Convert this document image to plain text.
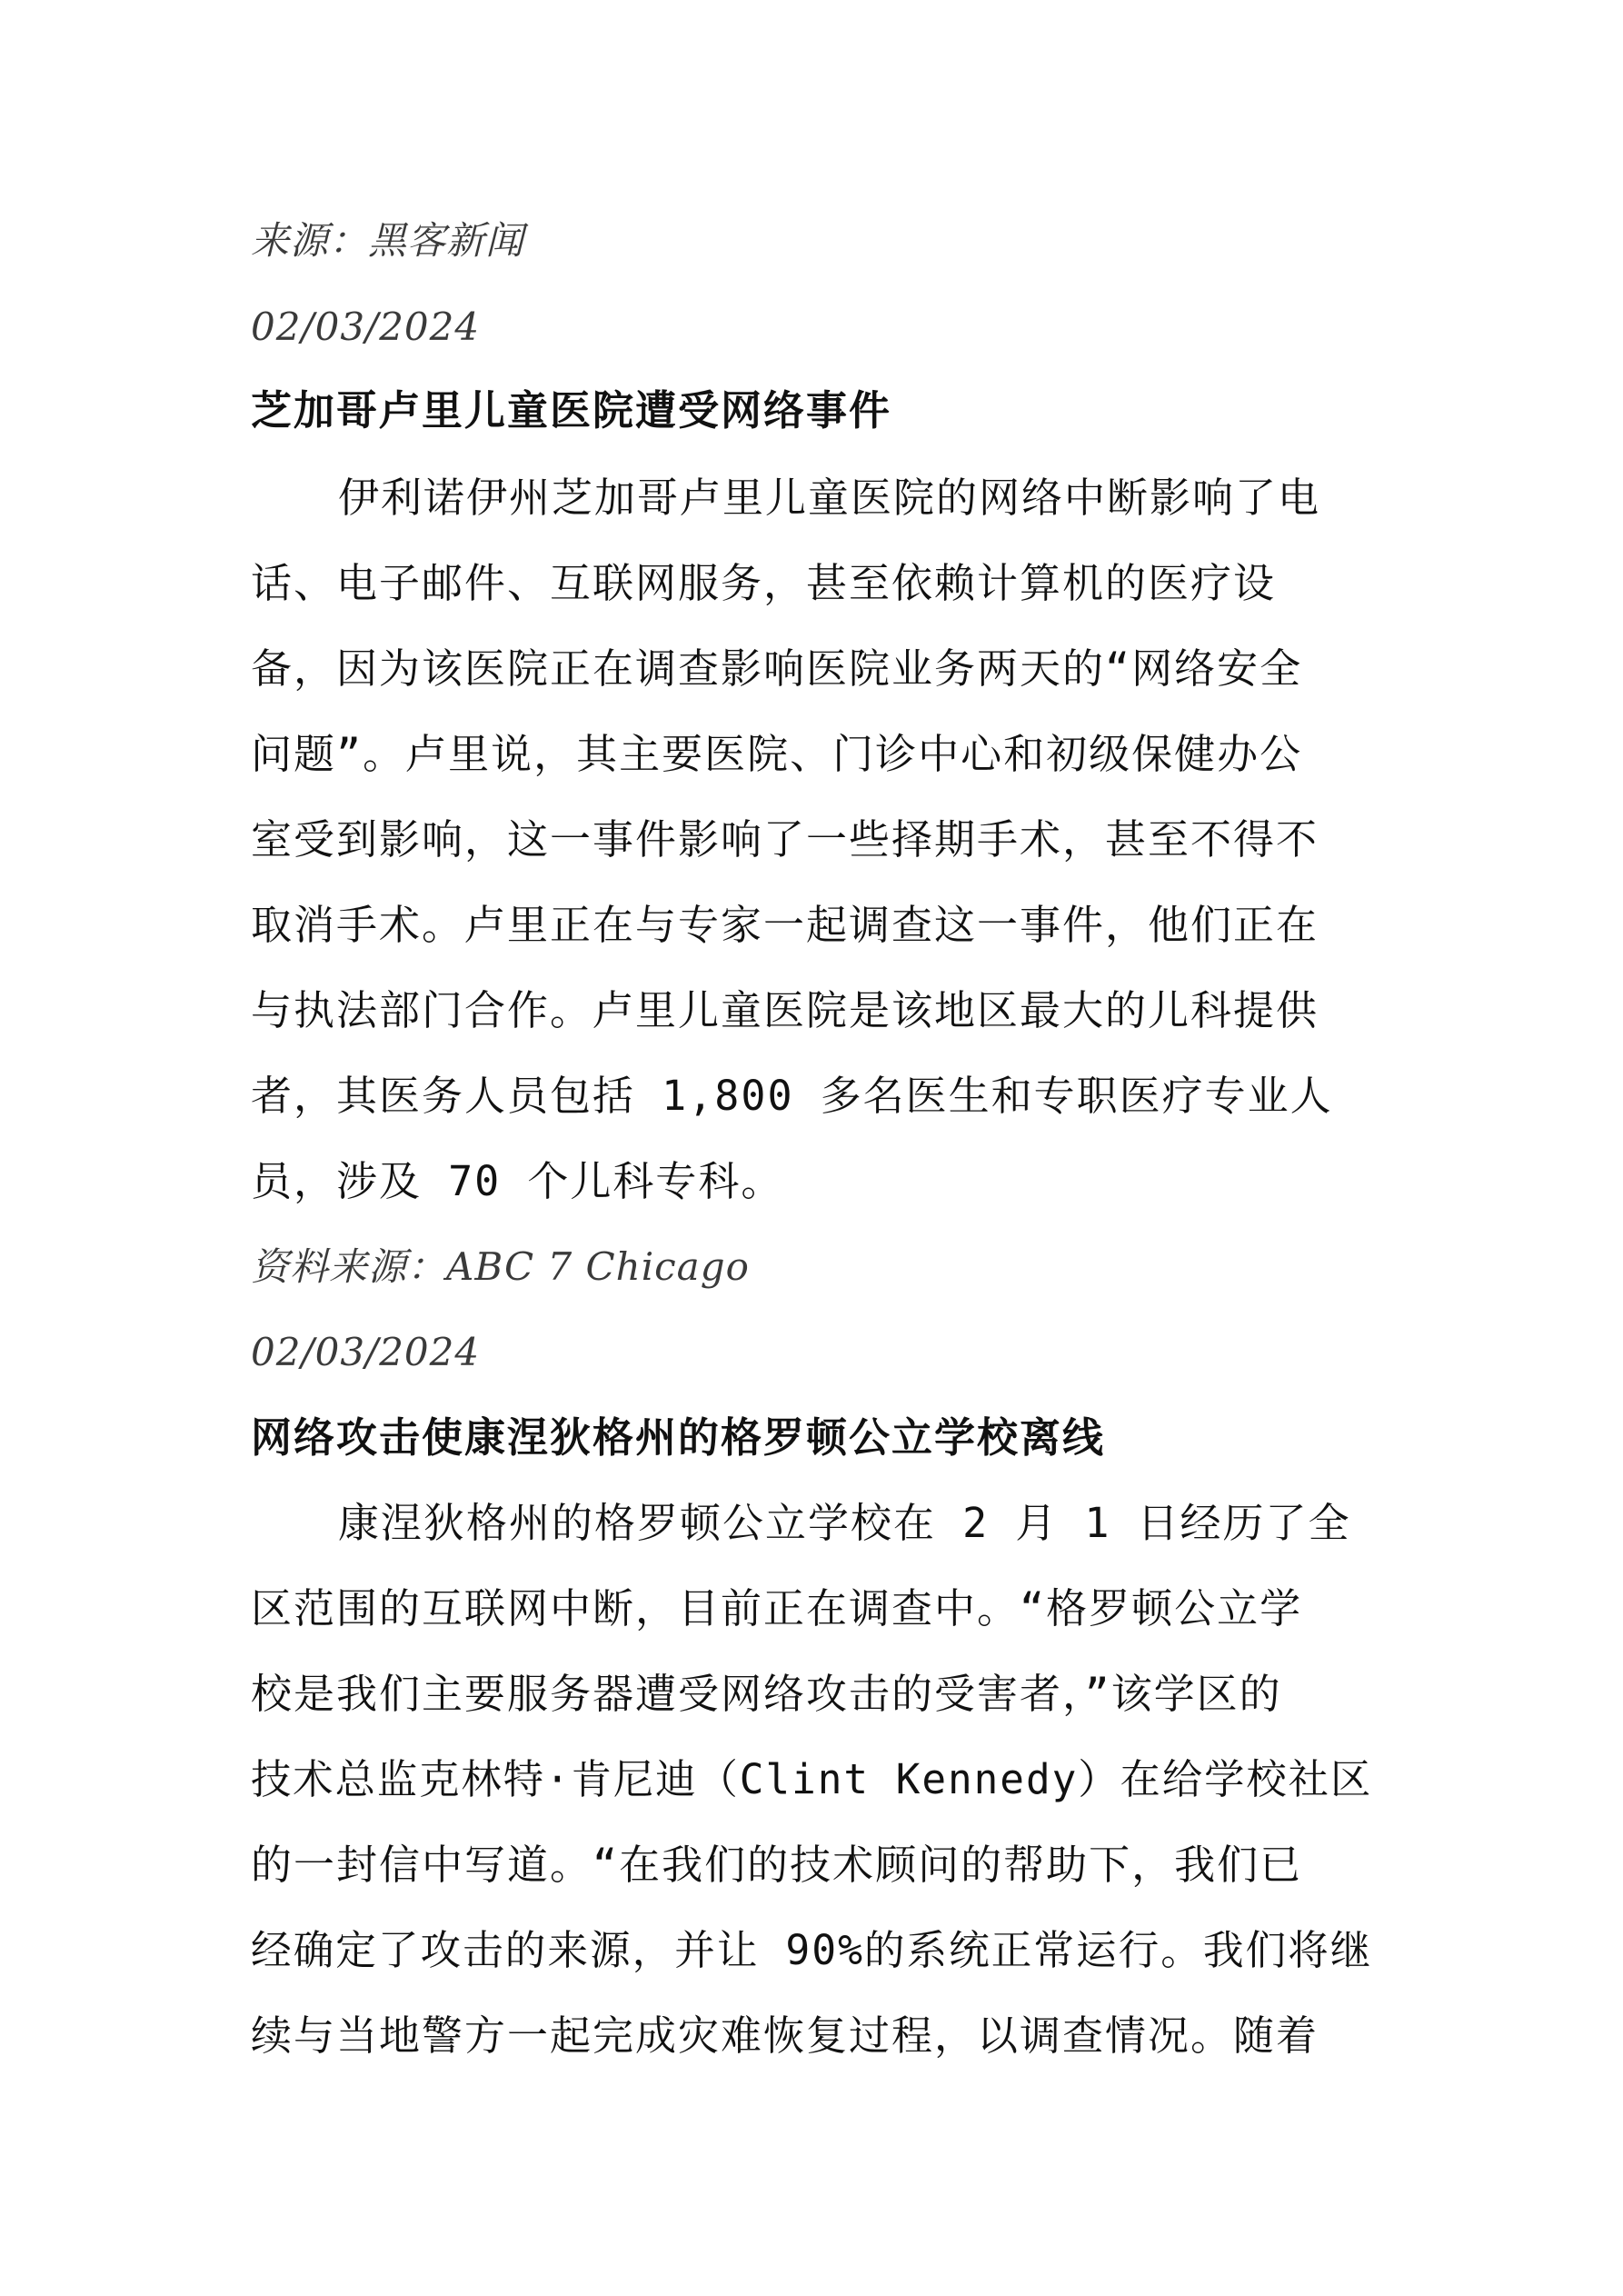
来源：黑客新闻
02/03/2024
芝加哥卢里儿童医院遭受网络事件
伊利诺伊州芝加哥卢里儿童医院的网络中断影响了电
话、电子邮件、互联网服务，甚至依赖计算机的医疗设
备，因为该医院正在调查影响医院业务两天的“网络安全
问题”。卢里说，其主要医院、门诊中心和初级保健办公
室受到影响，这一事件影响了一些择期手术，甚至不得不
取消手术。卢里正在与专家一起调查这一事件，他们正在
与执法部门合作。卢里儿童医院是该地区最大的儿科提供
者，其医务人员包括 1,800 多名医生和专职医疗专业人
员，涉及 70 个儿科专科。
资料来源：ABC 7 Chicago
02/03/2024
网络攻击使康涅狄格州的格罗顿公立学校离线
康涅狄格州的格罗顿公立学校在 2 月 1 日经历了全
区范围的互联网中断，目前正在调查中。“格罗顿公立学
校是我们主要服务器遭受网络攻击的受害者，”该学区的
技术总监克林特·肯尼迪（Clint Kennedy）在给学校社区
的一封信中写道。“在我们的技术顾问的帮助下，我们已
经确定了攻击的来源，并让 90%的系统正常运行。我们将继
续与当地警方一起完成灾难恢复过程，以调查情况。随着
